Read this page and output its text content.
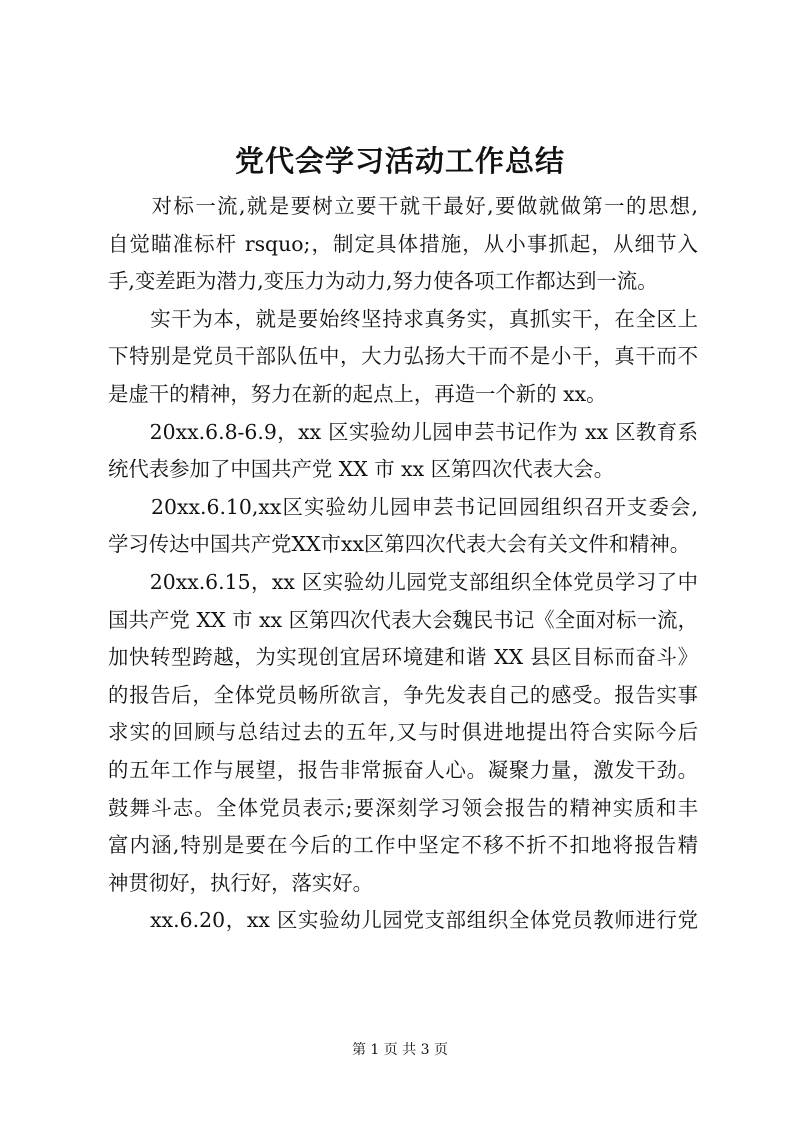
党代会学习活动工作总结

　　对标一流,就是要树立要干就干最好,要做就做第一的思想,
自觉瞄准标杆 rsquo;，制定具体措施，从小事抓起，从细节入
手,变差距为潜力,变压力为动力,努力使各项工作都达到一流。

　　实干为本，就是要始终坚持求真务实，真抓实干，在全区上
下特别是党员干部队伍中，大力弘扬大干而不是小干，真干而不
是虚干的精神，努力在新的起点上，再造一个新的 xx。

　　20xx.6.8-6.9，xx 区实验幼儿园申芸书记作为 xx 区教育系
统代表参加了中国共产党 XX 市 xx 区第四次代表大会。

　　20xx.6.10,xx区实验幼儿园申芸书记回园组织召开支委会,
学习传达中国共产党XX市xx区第四次代表大会有关文件和精神。

　　20xx.6.15，xx 区实验幼儿园党支部组织全体党员学习了中
国共产党 XX 市 xx 区第四次代表大会魏民书记《全面对标一流，
加快转型跨越，为实现创宜居环境建和谐 XX 县区目标而奋斗》
的报告后，全体党员畅所欲言，争先发表自己的感受。报告实事
求实的回顾与总结过去的五年,又与时俱进地提出符合实际今后
的五年工作与展望，报告非常振奋人心。凝聚力量，激发干劲。
鼓舞斗志。全体党员表示;要深刻学习领会报告的精神实质和丰
富内涵,特别是要在今后的工作中坚定不移不折不扣地将报告精
神贯彻好，执行好，落实好。

　　xx.6.20，xx 区实验幼儿园党支部组织全体党员教师进行党

第 1 页 共 3 页
